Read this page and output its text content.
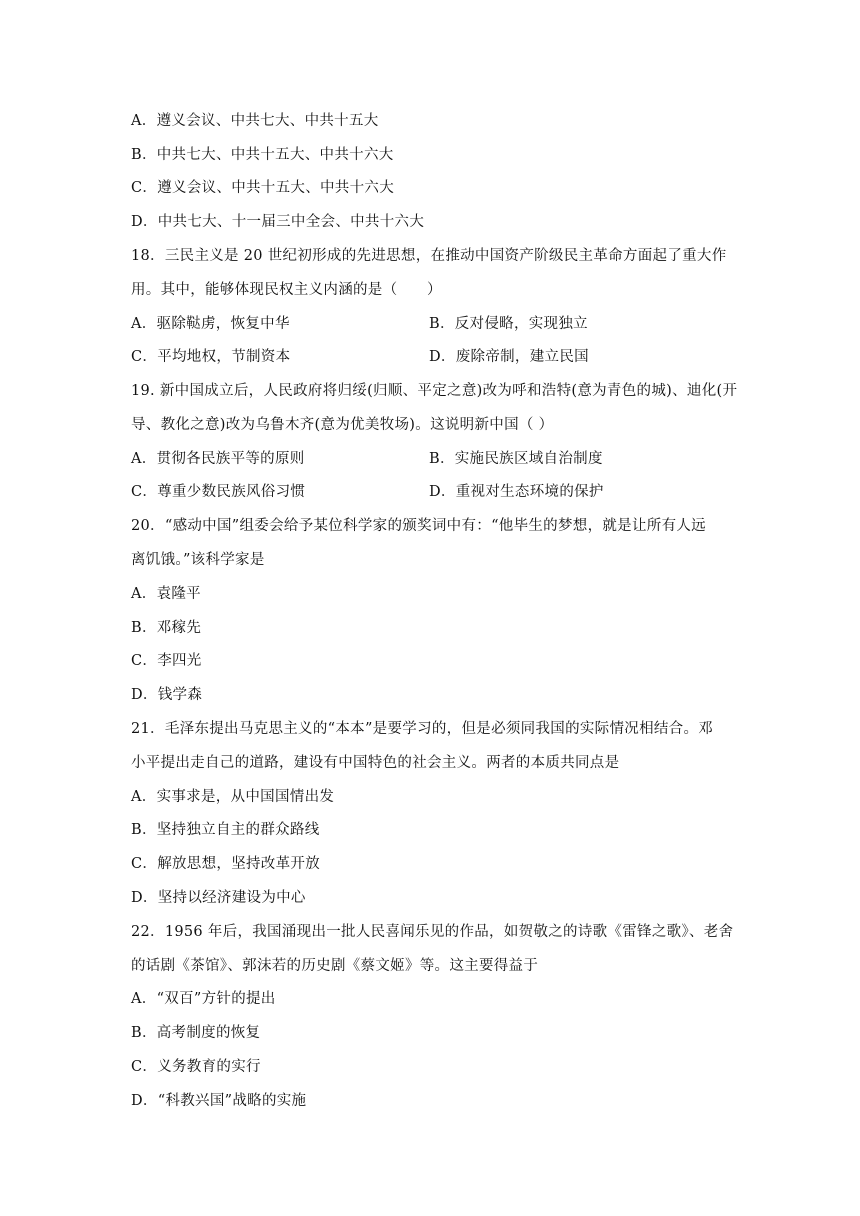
A．遵义会议、中共七大、中共十五大
B．中共七大、中共十五大、中共十六大
C．遵义会议、中共十五大、中共十六大
D．中共七大、十一届三中全会、中共十六大
18．三民主义是 20 世纪初形成的先进思想，在推动中国资产阶级民主革命方面起了重大作
用。其中，能够体现民权主义内涵的是（　　）
A．驱除鞑虏，恢复中华	B．反对侵略，实现独立
C．平均地权，节制资本	D．废除帝制，建立民国
19. 新中国成立后，人民政府将归绥(归顺、平定之意)改为呼和浩特(意为青色的城)、迪化(开
导、教化之意)改为乌鲁木齐(意为优美牧场)。这说明新中国（ ）
A．贯彻各民族平等的原则	B．实施民族区域自治制度
C．尊重少数民族风俗习惯	D．重视对生态环境的保护
20．“感动中国”组委会给予某位科学家的颁奖词中有：“他毕生的梦想，就是让所有人远
离饥饿。”该科学家是
A．袁隆平
B．邓稼先
C．李四光
D．钱学森
21．毛泽东提出马克思主义的“本本”是要学习的，但是必须同我国的实际情况相结合。邓
小平提出走自己的道路，建设有中国特色的社会主义。两者的本质共同点是
A．实事求是，从中国国情出发
B．坚持独立自主的群众路线
C．解放思想，坚持改革开放
D．坚持以经济建设为中心
22．1956 年后，我国涌现出一批人民喜闻乐见的作品，如贺敬之的诗歌《雷锋之歌》、老舍
的话剧《茶馆》、郭沫若的历史剧《蔡文姬》等。这主要得益于
A．“双百”方针的提出
B．高考制度的恢复
C．义务教育的实行
D．“科教兴国”战略的实施
